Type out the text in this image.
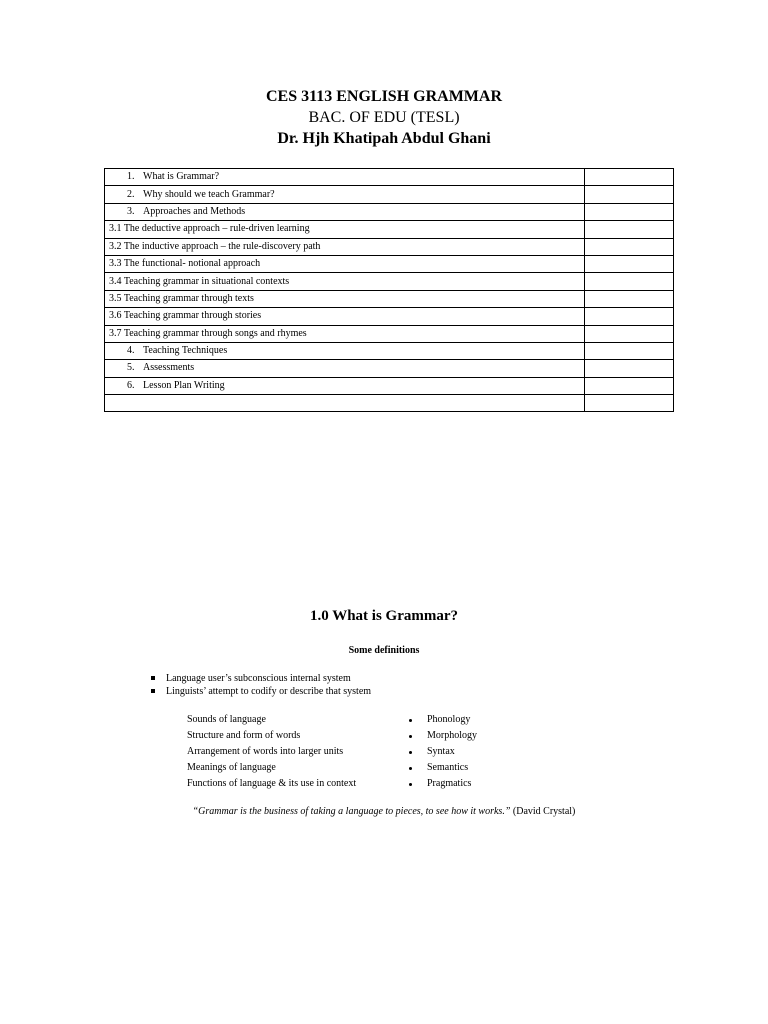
CES 3113 ENGLISH GRAMMAR
BAC. OF EDU (TESL)
Dr. Hjh Khatipah Abdul Ghani
1. What is Grammar?	
2. Why should we teach Grammar?	
3. Approaches and Methods	
3.1 The deductive approach – rule-driven learning	
3.2 The inductive approach – the rule-discovery path	
3.3 The functional- notional approach	
3.4 Teaching grammar in situational contexts	
3.5 Teaching grammar through texts	
3.6 Teaching grammar through stories	
3.7 Teaching grammar through songs and rhymes	
4. Teaching Techniques	
5. Assessments	
6. Lesson Plan Writing	

1.0 What is Grammar?
Some definitions
Language user’s subconscious internal system
Linguists’ attempt to codify or describe that system
Sounds of language	Phonology
Structure and form of words	Morphology
Arrangement of words into larger units	Syntax
Meanings of language	Semantics
Functions of language & its use in context	Pragmatics
“Grammar is the business of taking a language to pieces, to see how it works.” (David Crystal)
